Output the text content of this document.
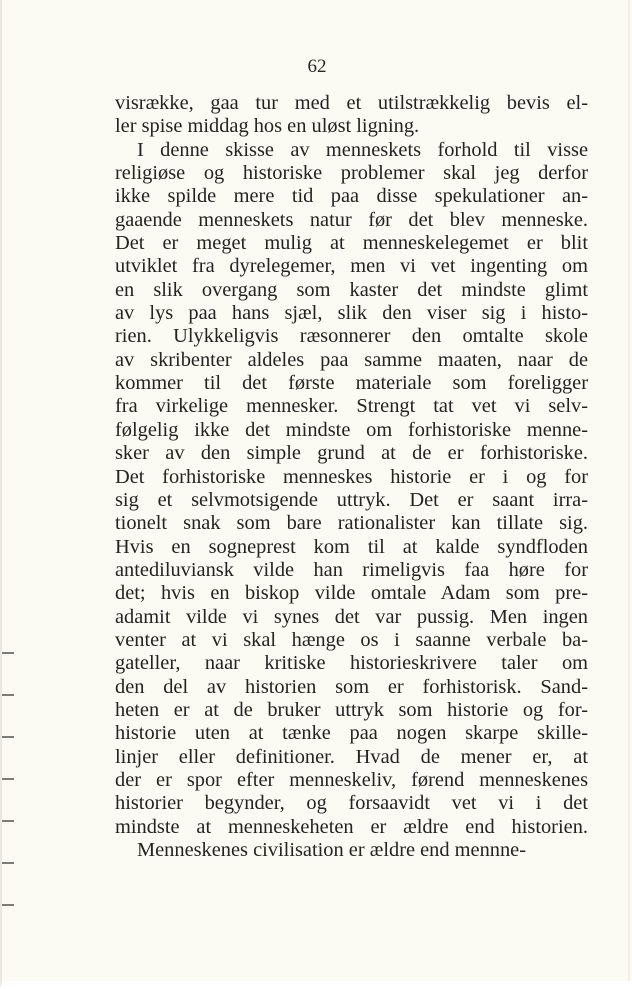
62
visrække, gaa tur med et utilstrækkelig bevis el-
ler spise middag hos en uløst ligning.
I denne skisse av menneskets forhold til visse
religiøse og historiske problemer skal jeg derfor
ikke spilde mere tid paa disse spekulationer an-
gaaende menneskets natur før det blev menneske.
Det er meget mulig at menneskelegemet er blit
utviklet fra dyrelegemer, men vi vet ingenting om
en slik overgang som kaster det mindste glimt
av lys paa hans sjæl, slik den viser sig i histo-
rien. Ulykkeligvis ræsonnerer den omtalte skole
av skribenter aldeles paa samme maaten, naar de
kommer til det første materiale som foreligger
fra virkelige mennesker. Strengt tat vet vi selv-
følgelig ikke det mindste om forhistoriske menne-
sker av den simple grund at de er forhistoriske.
Det forhistoriske menneskes historie er i og for
sig et selvmotsigende uttryk. Det er saant irra-
tionelt snak som bare rationalister kan tillate sig.
Hvis en sogneprest kom til at kalde syndfloden
antediluviansk vilde han rimeligvis faa høre for
det; hvis en biskop vilde omtale Adam som pre-
adamit vilde vi synes det var pussig. Men ingen
venter at vi skal hænge os i saanne verbale ba-
gateller, naar kritiske historieskrivere taler om
den del av historien som er forhistorisk. Sand-
heten er at de bruker uttryk som historie og for-
historie uten at tænke paa nogen skarpe skille-
linjer eller definitioner. Hvad de mener er, at
der er spor efter menneskeliv, førend menneskenes
historier begynder, og forsaavidt vet vi i det
mindste at menneskeheten er ældre end historien.
Menneskenes civilisation er ældre end mennne-
